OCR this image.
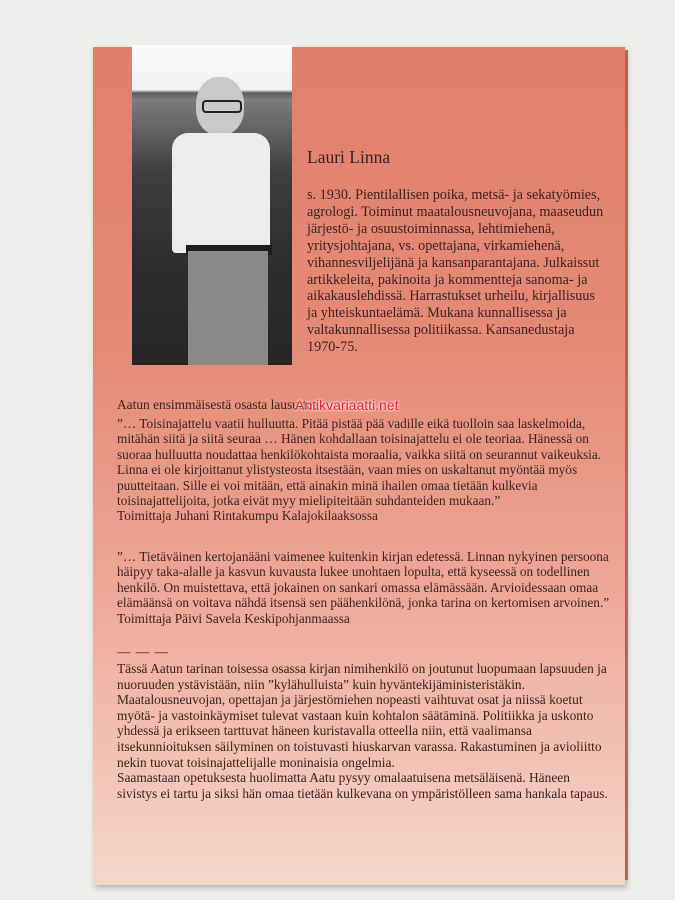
Lauri Linna

s. 1930. Pientilallisen poika, metsä- ja sekatyömies, agrologi. Toiminut maatalousneuvojana, maaseudun järjestö- ja osuustoiminnassa, lehtimiehenä, yritysjohtajana, vs. opettajana, virkamiehenä, vihannesviljelijänä ja kansanparantajana. Julkaissut artikkeleita, pakinoita ja kommentteja sanoma- ja aikakauslehdissä. Harrastukset urheilu, kirjallisuus ja yhteiskuntaelämä. Mukana kunnallisessa ja valtakunnallisessa politiikassa. Kansanedustaja 1970-75.

Aatun ensimmäisestä osasta lausuttua:

”… Toisinajattelu vaatii hulluutta. Pitää pistää pää vadille eikä tuolloin saa laskelmoida, mitähän siitä ja siitä seuraa … Hänen kohdallaan toisinajattelu ei ole teoriaa. Hänessä on suoraa hulluutta noudattaa henkilökohtaista moraalia, vaikka siitä on seurannut vaikeuksia.
Linna ei ole kirjoittanut ylistysteosta itsestään, vaan mies on uskaltanut myöntää myös puutteitaan. Sille ei voi mitään, että ainakin minä ihailen omaa tietään kulkevia toisinajattelijoita, jotka eivät myy mielipiteitään suhdanteiden mukaan.”
Toimittaja Juhani Rintakumpu Kalajokilaaksossa

”… Tietäväinen kertojanääni vaimenee kuitenkin kirjan edetessä. Linnan nykyinen persoona häipyy taka-alalle ja kasvun kuvausta lukee unohtaen lopulta, että kyseessä on todellinen henkilö. On muistettava, että jokainen on sankari omassa elämässään. Arvioidessaan omaa elämäänsä on voitava nähdä itsensä sen päähenkilönä, jonka tarina on kertomisen arvoinen.”
Toimittaja Päivi Savela Keskipohjanmaassa

— — —

Tässä Aatun tarinan toisessa osassa kirjan nimihenkilö on joutunut luopumaan lapsuuden ja nuoruuden ystävistään, niin ”kylähulluista” kuin hyväntekijäministeristäkin. Maatalousneuvojan, opettajan ja järjestömiehen nopeasti vaihtuvat osat ja niissä koetut myötä- ja vastoinkäymiset tulevat vastaan kuin kohtalon säätäminä. Politiikka ja uskonto yhdessä ja erikseen tarttuvat häneen kuristavalla otteella niin, että vaalimansa itsekunnioituksen säilyminen on toistuvasti hiuskarvan varassa. Rakastuminen ja avioliitto nekin tuovat toisinajattelijalle moninaisia ongelmia.
Saamastaan opetuksesta huolimatta Aatu pysyy omalaatuisena metsäläisenä. Häneen sivistys ei tartu ja siksi hän omaa tietään kulkevana on ympäristölleen sama hankala tapaus.

Antikvariaatti.net
